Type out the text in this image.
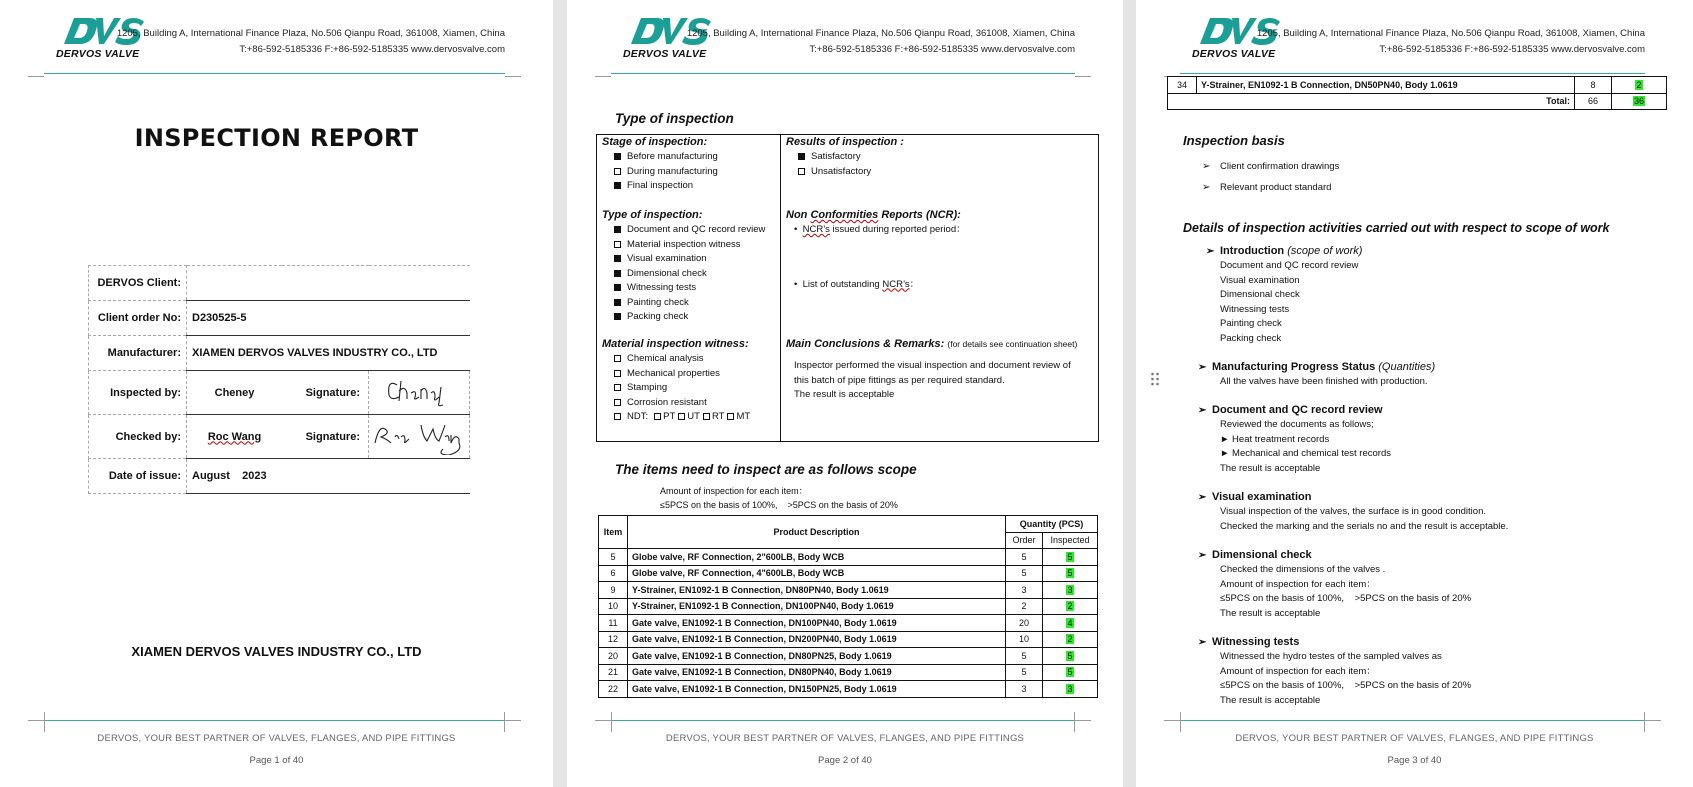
DERVOS VALVE
1205, Building A, International Finance Plaza, No.506 Qianpu Road, 361008, Xiamen, China
T:+86-592-5185336 F:+86-592-5185335 www.dervosvalve.com
INSPECTION REPORT
DERVOS Client:			
Client order No:	D230525-5		
Manufacturer:	XIAMEN DERVOS VALVES INDUSTRY CO., LTD		
Inspected by:	Cheney	Signature:	
Checked by:	Roc Wang	Signature:	
Date of issue:	August    2023		
XIAMEN DERVOS VALVES INDUSTRY CO., LTD
DERVOS, YOUR BEST PARTNER OF VALVES, FLANGES, AND PIPE FITTINGS
Page 1 of 40
DERVOS VALVE
1205, Building A, International Finance Plaza, No.506 Qianpu Road, 361008, Xiamen, China
T:+86-592-5185336 F:+86-592-5185335 www.dervosvalve.com
Type of inspection
Stage of inspection:
Before manufacturing
During manufacturing
Final inspection
Results of inspection :
Satisfactory
Unsatisfactory
Type of inspection:
Document and QC record review
Material inspection witness
Visual examination
Dimensional check
Witnessing tests
Painting check
Packing check
Non Conformities Reports (NCR):
•  NCR’s issued during reported period：
•  List of outstanding NCR’s：
Material inspection witness:
Chemical analysis
Mechanical properties
Stamping
Corrosion resistant
NDT: PT UT RT MT
Main Conclusions & Remarks: (for details see continuation sheet)
Inspector performed the visual inspection and document review of
this batch of pipe fittings as per required standard.
The result is acceptable
The items need to inspect are as follows scope
Amount of inspection for each item：
≤5PCS on the basis of 100%,    >5PCS on the basis of 20%
Item	Product Description	Quantity (PCS)	
		Order	Inspected
5	Globe valve, RF Connection, 2"600LB, Body WCB	5	5
6	Globe valve, RF Connection, 4"600LB, Body WCB	5	5
9	Y-Strainer, EN1092-1 B Connection, DN80PN40, Body 1.0619	3	3
10	Y-Strainer, EN1092-1 B Connection, DN100PN40, Body 1.0619	2	2
11	Gate valve, EN1092-1 B Connection, DN100PN40, Body 1.0619	20	4
12	Gate valve, EN1092-1 B Connection, DN200PN40, Body 1.0619	10	2
20	Gate valve, EN1092-1 B Connection, DN80PN25, Body 1.0619	5	5
21	Gate valve, EN1092-1 B Connection, DN80PN40, Body 1.0619	5	5
22	Gate valve, EN1092-1 B Connection, DN150PN25, Body 1.0619	3	3
DERVOS, YOUR BEST PARTNER OF VALVES, FLANGES, AND PIPE FITTINGS
Page 2 of 40
DERVOS VALVE
1205, Building A, International Finance Plaza, No.506 Qianpu Road, 361008, Xiamen, China
T:+86-592-5185336 F:+86-592-5185335 www.dervosvalve.com
34	Y-Strainer, EN1092-1 B Connection, DN50PN40, Body 1.0619	8	2
	Total:	66	36
Inspection basis
➢ Client confirmation drawings
➢ Relevant product standard
Details of inspection activities carried out with respect to scope of work
➢ Introduction (scope of work)
Document and QC record review
Visual examination
Dimensional check
Witnessing tests
Painting check
Packing check
➢ Manufacturing Progress Status (Quantities)
All the valves have been finished with production.
➢ Document and QC record review
Reviewed the documents as follows;
► Heat treatment records
► Mechanical and chemical test records
The result is acceptable
➢ Visual examination
Visual inspection of the valves, the surface is in good condition.
Checked the marking and the serials no and the result is acceptable.
➢ Dimensional check
Checked the dimensions of the valves .
Amount of inspection for each item：
≤5PCS on the basis of 100%,    >5PCS on the basis of 20%
The result is acceptable
➢ Witnessing tests
Witnessed the hydro testes of the sampled valves as
Amount of inspection for each item：
≤5PCS on the basis of 100%,    >5PCS on the basis of 20%
The result is acceptable
DERVOS, YOUR BEST PARTNER OF VALVES, FLANGES, AND PIPE FITTINGS
Page 3 of 40
